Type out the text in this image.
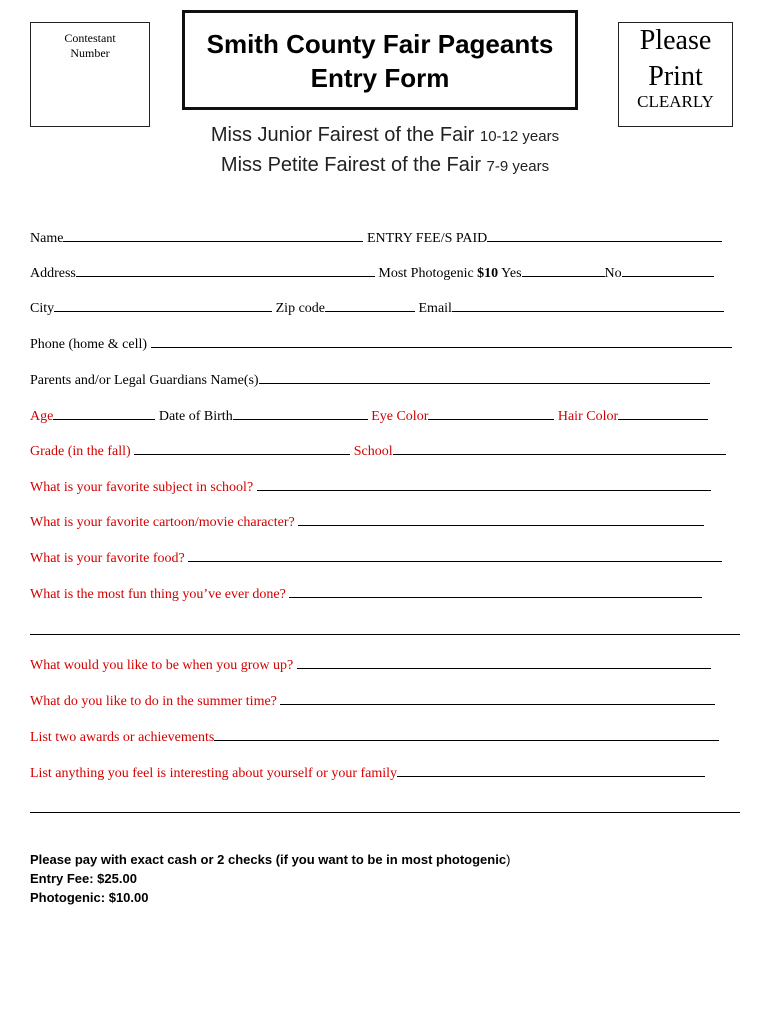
Contestant
Number	Smith County Fair Pageants
Entry Form
Please
Print
CLEARLY
Miss Junior Fairest of the Fair 10-12 years
Miss Petite Fairest of the Fair 7-9 years
Name	ENTRY FEE/S PAID
Address	Most Photogenic $10 Yes	No
City	Zip code	Email
Phone (home & cell)
Parents and/or Legal Guardians Name(s)
Age	Date of Birth	Eye Color	Hair Color
Grade (in the fall)	School
What is your favorite subject in school?
What is your favorite cartoon/movie character?
What is your favorite food?
What is the most fun thing you’ve ever done?
What would you like to be when you grow up?
What do you like to do in the summer time?
List two awards or achievements
List anything you feel is interesting about yourself or your family
Please pay with exact cash or 2 checks (if you want to be in most photogenic)
Entry Fee: $25.00
Photogenic: $10.00
